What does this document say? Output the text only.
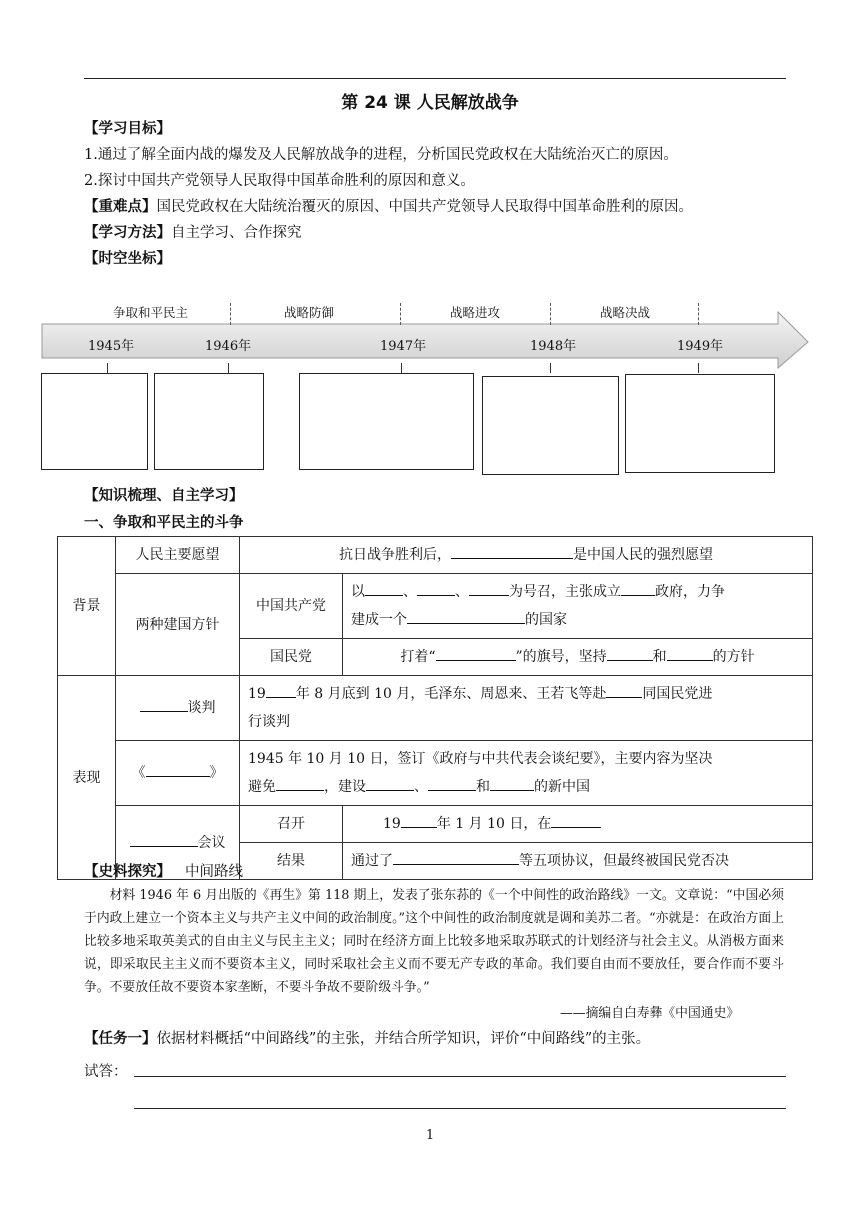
第 24 课 人民解放战争
【学习目标】
1.通过了解全面内战的爆发及人民解放战争的进程，分析国民党政权在大陆统治灭亡的原因。
2.探讨中国共产党领导人民取得中国革命胜利的原因和意义。
【重难点】国民党政权在大陆统治覆灭的原因、中国共产党领导人民取得中国革命胜利的原因。
【学习方法】自主学习、合作探究
【时空坐标】
争取和平民主	战略防御	战略进攻	战略决战
1945年	1946年	1947年	1948年	1949年
【知识梳理、自主学习】
一、争取和平民主的斗争
背景	人民主要愿望	抗日战争胜利后， 是中国人民的强烈愿望	
	两种建国方针	中国共产党	以 、 、 为号召，主张成立 政府，力争
建成一个 的国家
		国民党	打着“ ”的旗号，坚持 和 的方针
表现	谈判	19 年 8 月底到 10 月，毛泽东、周恩来、王若飞等赴 同国民党进
行谈判	
	《 》	1945 年 10 月 10 日，签订《政府与中共代表会谈纪要》，主要内容为坚决
避免 ，建设 、 和 的新中国	
	会议	召开	19 年 1 月 10 日，在
		结果	通过了 等五项协议，但最终被国民党否决
【史料探究】 中间路线
材料 1946 年 6 月出版的《再生》第 118 期上，发表了张东荪的《一个中间性的政治路线》一文。文章说：“中国必须于内政上建立一个资本主义与共产主义中间的政治制度。”这个中间性的政治制度就是调和美苏二者。“亦就是：在政治方面上比较多地采取英美式的自由主义与民主主义；同时在经济方面上比较多地采取苏联式的计划经济与社会主义。从消极方面来说，即采取民主主义而不要资本主义，同时采取社会主义而不要无产专政的革命。我们要自由而不要放任，要合作而不要斗争。不要放任故不要资本家垄断，不要斗争故不要阶级斗争。”
——摘编自白寿彝《中国通史》
【任务一】依据材料概括“中间路线”的主张，并结合所学知识，评价“中间路线”的主张。
试答：
1
